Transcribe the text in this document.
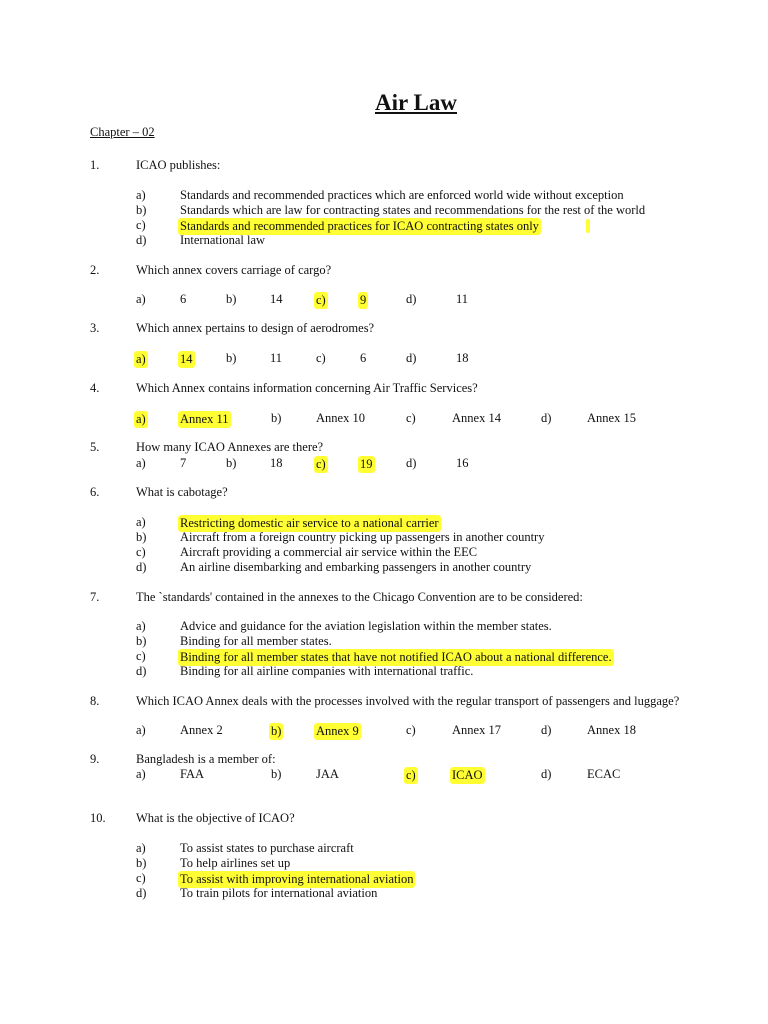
Air Law
Chapter – 02
1.	ICAO publishes:
a)	Standards and recommended practices which are enforced world wide without exception
b)	Standards which are law for contracting states and recommendations for the rest of the world
c)	Standards and recommended practices for ICAO contracting states only
d)	International law
2.	Which annex covers carriage of cargo?
a)	6	b)	14	c)	9	d)	11
3.	Which annex pertains to design of aerodromes?
a)	14	b)	11	c)	6	d)	18
4.	Which Annex contains information concerning Air Traffic Services?
a)	Annex 11	b)	Annex 10	c)	Annex 14	d)	Annex 15
5.	How many ICAO Annexes are there?
a)	7	b)	18	c)	19	d)	16
6.	What is cabotage?
a)	Restricting domestic air service to a national carrier
b)	Aircraft from a foreign country picking up passengers in another country
c)	Aircraft providing a commercial air service within the EEC
d)	An airline disembarking and embarking passengers in another country
7.	The `standards' contained in the annexes to the Chicago Convention are to be considered:
a)	Advice and guidance for the aviation legislation within the member states.
b)	Binding for all member states.
c)	Binding for all member states that have not notified ICAO about a national difference.
d)	Binding for all airline companies with international traffic.
8.	Which ICAO Annex deals with the processes involved with the regular transport of passengers and luggage?
a)	Annex 2	b)	Annex 9	c)	Annex 17	d)	Annex 18
9.	Bangladesh is a member of:
a)	FAA	b)	JAA	c)	ICAO	d)	ECAC
10. What is the objective of ICAO?
a)	To assist states to purchase aircraft
b)	To help airlines set up
c)	To assist with improving international aviation
d)	To train pilots for international aviation
